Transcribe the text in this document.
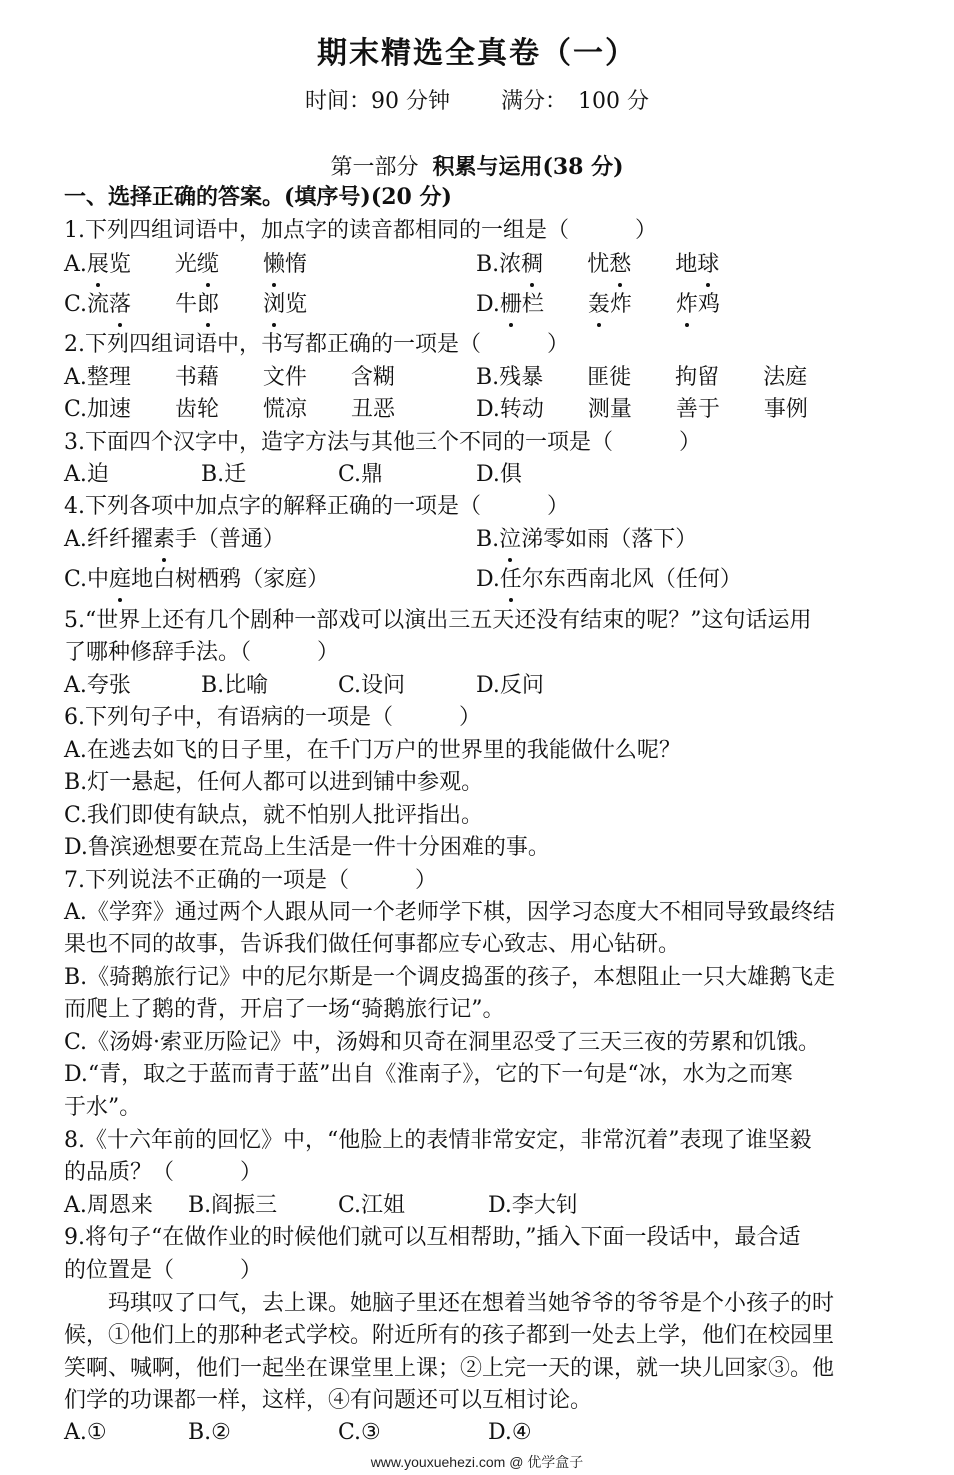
期末精选全真卷（一）
时间：90 分钟 满分：　100 分
第一部分 积累与运用(38 分)
一、选择正确的答案。(填序号)(20 分)
1.下列四组词语中，加点字的读音都相同的一组是（　　　）
A.展览　　光缆　　 懒惰	B.浓稠　　忧愁　　地球
C.流落　　牛郎　　 浏览	D.栅栏　　轰炸　　炸鸡
2.下列四组词语中，书写都正确的一项是（　　　）
A.整理　　书藉　　文件　　含糊	B.残暴　　匪徙　　拘留　　法庭
C.加速　　齿轮　　慌凉　　丑恶	D.转动　　测量　　善于　　事例
3.下面四个汉字中，造字方法与其他三个不同的一项是（　　　）
A.迫	B.迁	C.鼎	D.俱
4.下列各项中加点字的解释正确的一项是（　　　）
A.纤纤擢素手（普通）	B.泣涕零如雨（落下）
C.中庭地白树栖鸦（家庭）	D.任尔东西南北风（任何）
5.“世界上还有几个剧种一部戏可以演出三五天还没有结束的呢？”这句话运用
了哪种修辞手法。（　　　）
A.夸张	B.比喻	C.设问	D.反问
6.下列句子中，有语病的一项是（　　　）
A.在逃去如飞的日子里，在千门万户的世界里的我能做什么呢？
B.灯一悬起，任何人都可以进到铺中参观。
C.我们即使有缺点，就不怕别人批评指出。
D.鲁滨逊想要在荒岛上生活是一件十分困难的事。
7.下列说法不正确的一项是（　　　）
A.《学弈》通过两个人跟从同一个老师学下棋，因学习态度大不相同导致最终结
果也不同的故事，告诉我们做任何事都应专心致志、用心钻研。
B.《骑鹅旅行记》中的尼尔斯是一个调皮捣蛋的孩子，本想阻止一只大雄鹅飞走
而爬上了鹅的背，开启了一场“骑鹅旅行记”。
C.《汤姆·索亚历险记》中，汤姆和贝奇在洞里忍受了三天三夜的劳累和饥饿。
D.“青，取之于蓝而青于蓝”出自《淮南子》，它的下一句是“冰，水为之而寒
于水”。
8.《十六年前的回忆》中，“他脸上的表情非常安定，非常沉着”表现了谁坚毅
的品质？（　　　）
A.周恩来 B.阎振三	C.江姐	D.李大钊
9.将句子“在做作业的时候他们就可以互相帮助，”插入下面一段话中，最合适
的位置是（　　　）
玛琪叹了口气，去上课。她脑子里还在想着当她爷爷的爷爷是个小孩子的时
候，①他们上的那种老式学校。附近所有的孩子都到一处去上学，他们在校园里
笑啊、喊啊，他们一起坐在课堂里上课；②上完一天的课，就一块儿回家③。他
们学的功课都一样，这样，④有问题还可以互相讨论。
A.①	B.②	C.③	D.④
www.youxuehezi.com @ 优学盒子
